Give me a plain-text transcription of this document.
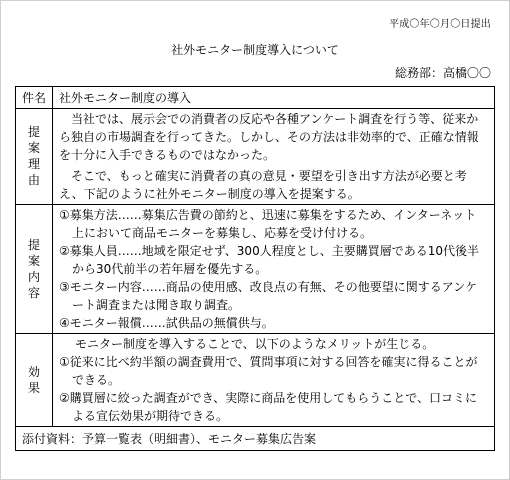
平成〇年〇月〇日提出
社外モニター制度導入について
総務部：高橋〇〇
件名	社外モニター制度の導入
提案理由	当社では、展示会での消費者の反応や各種アンケート調査を行う等、従来から独自の市場調査を行ってきた。しかし、その方法は非効率的で、正確な情報を十分に入手できるものではなかった。

そこで、もっと確実に消費者の真の意見・要望を引き出す方法が必要と考え、下記のように社外モニター制度の導入を提案する。

提案内容	①募集方法……募集広告費の節約と、迅速に募集をするため、インターネット上において商品モニターを募集し、応募を受け付ける。

②募集人員……地域を限定せず、300人程度とし、主要購買層である10代後半から30代前半の若年層を優先する。

③モニター内容……商品の使用感、改良点の有無、その他要望に関するアンケート調査または聞き取り調査。

④モニター報償……試供品の無償供与。

効果	モニター制度を導入することで、以下のようなメリットが生じる。

①従来に比べ約半額の調査費用で、質問事項に対する回答を確実に得ることができる。

②購買層に絞った調査ができ、実際に商品を使用してもらうことで、口コミによる宣伝効果が期待できる。

添付資料：予算一覧表（明細書）、モニター募集広告案	
